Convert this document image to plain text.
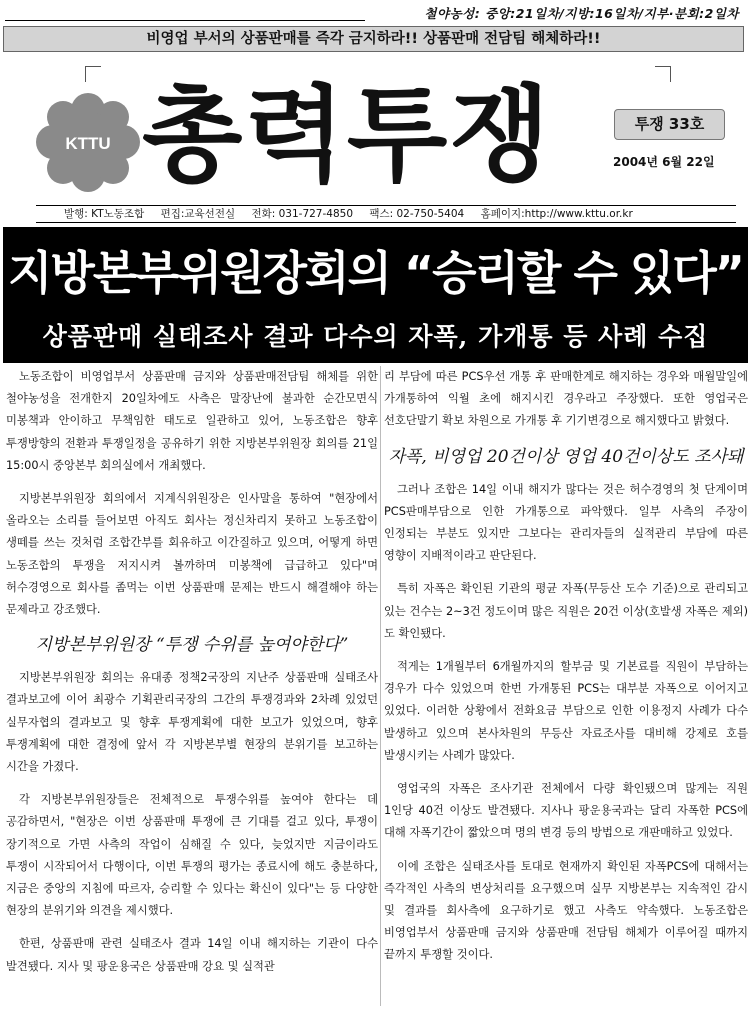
철야농성: 중앙:21일차/지방:16일차/지부·분회:2일차
비영업 부서의 상품판매를 즉각 금지하라!! 상품판매 전담팀 해체하라!!
KTTU 총력투쟁	투쟁 33호
2004년 6월 22일
발행: KT노동조합 편집:교육선전실 전화: 031-727-4850 팩스: 02-750-5404 홈페이지:http://www.kttu.or.kr
지방본부위원장회의 “승리할 수 있다”
상품판매 실태조사 결과 다수의 자폭, 가개통 등 사례 수집

노동조합이 비영업부서 상품판매 금지와 상품판매전담팀 해체를 위한 철야농성을 전개한지 20일차에도 사측은 말장난에 불과한 순간모면식 미봉책과 안이하고 무책임한 태도로 일관하고 있어, 노동조합은 향후 투쟁방향의 전환과 투쟁일정을 공유하기 위한 지방본부위원장 회의를 21일 15:00시 중앙본부 회의실에서 개최했다.

지방본부위원장 회의에서 지계식위원장은 인사말을 통하여 "현장에서 올라오는 소리를 들어보면 아직도 회사는 정신차리지 못하고 노동조합이 생떼를 쓰는 것처럼 조합간부를 회유하고 이간질하고 있으며, 어떻게 하면 노동조합의 투쟁을 저지시켜 볼까하며 미봉책에 급급하고 있다"며 허수경영으로 회사를 좀먹는 이번 상품판매 문제는 반드시 해결해야 하는 문제라고 강조했다.

지방본부위원장 “투쟁 수위를 높여야한다”

지방본부위원장 회의는 유대종 정책2국장의 지난주 상품판매 실태조사 결과보고에 이어 최광수 기획관리국장의 그간의 투쟁경과와 2차례 있었던 실무자협의 결과보고 및 향후 투쟁계획에 대한 보고가 있었으며, 향후 투쟁계획에 대한 결정에 앞서 각 지방본부별 현장의 분위기를 보고하는 시간을 가졌다.

각 지방본부위원장들은 전체적으로 투쟁수위를 높여야 한다는 데 공감하면서, "현장은 이번 상품판매 투쟁에 큰 기대를 걸고 있다, 투쟁이 장기적으로 가면 사측의 작업이 심해질 수 있다, 늦었지만 지금이라도 투쟁이 시작되어서 다행이다, 이번 투쟁의 평가는 종료시에 해도 충분하다, 지금은 중앙의 지침에 따르자, 승리할 수 있다는 확신이 있다"는 등 다양한 현장의 분위기와 의견을 제시했다.

한편, 상품판매 관련 실태조사 결과 14일 이내 해지하는 기관이 다수 발견됐다. 지사 및 팡운용국은 상품판매 강요 및 실적관

리 부담에 따른 PCS우선 개통 후 판매한계로 해지하는 경우와 매월말일에 가개통하여 익월 초에 해지시킨 경우라고 주장했다. 또한 영업국은 선호단말기 확보 차원으로 가개통 후 기기변경으로 해지했다고 밝혔다.

자폭, 비영업 20건이상 영업 40건이상도 조사돼

그러나 조합은 14일 이내 해지가 많다는 것은 허수경영의 첫 단계이며 PCS판매부담으로 인한 가개통으로 파악했다. 일부 사측의 주장이 인정되는 부분도 있지만 그보다는 관리자들의 실적관리 부담에 따른 영향이 지배적이라고 판단된다.

특히 자폭은 확인된 기관의 평균 자폭(무등산 도수 기준)으로 관리되고 있는 건수는 2~3건 정도이며 많은 직원은 20건 이상(호발생 자폭은 제외)도 확인됐다.

적게는 1개월부터 6개월까지의 할부금 및 기본료를 직원이 부담하는 경우가 다수 있었으며 한번 가개통된 PCS는 대부분 자폭으로 이어지고 있었다. 이러한 상황에서 전화요금 부담으로 인한 이용정지 사례가 다수 발생하고 있으며 본사차원의 무등산 자료조사를 대비해 강제로 호를 발생시키는 사례가 많았다.

영업국의 자폭은 조사기관 전체에서 다량 확인됐으며 많게는 직원 1인당 40건 이상도 발견됐다. 지사나 팡운용국과는 달리 자폭한 PCS에 대해 자폭기간이 짧았으며 명의 변경 등의 방법으로 개판매하고 있었다.

이에 조합은 실태조사를 토대로 현재까지 확인된 자폭PCS에 대해서는 즉각적인 사측의 변상처리를 요구했으며 실무 지방본부는 지속적인 감시 및 결과를 회사측에 요구하기로 했고 사측도 약속했다. 노동조합은 비영업부서 상품판매 금지와 상품판매 전담팀 해체가 이루어질 때까지 끝까지 투쟁할 것이다.
